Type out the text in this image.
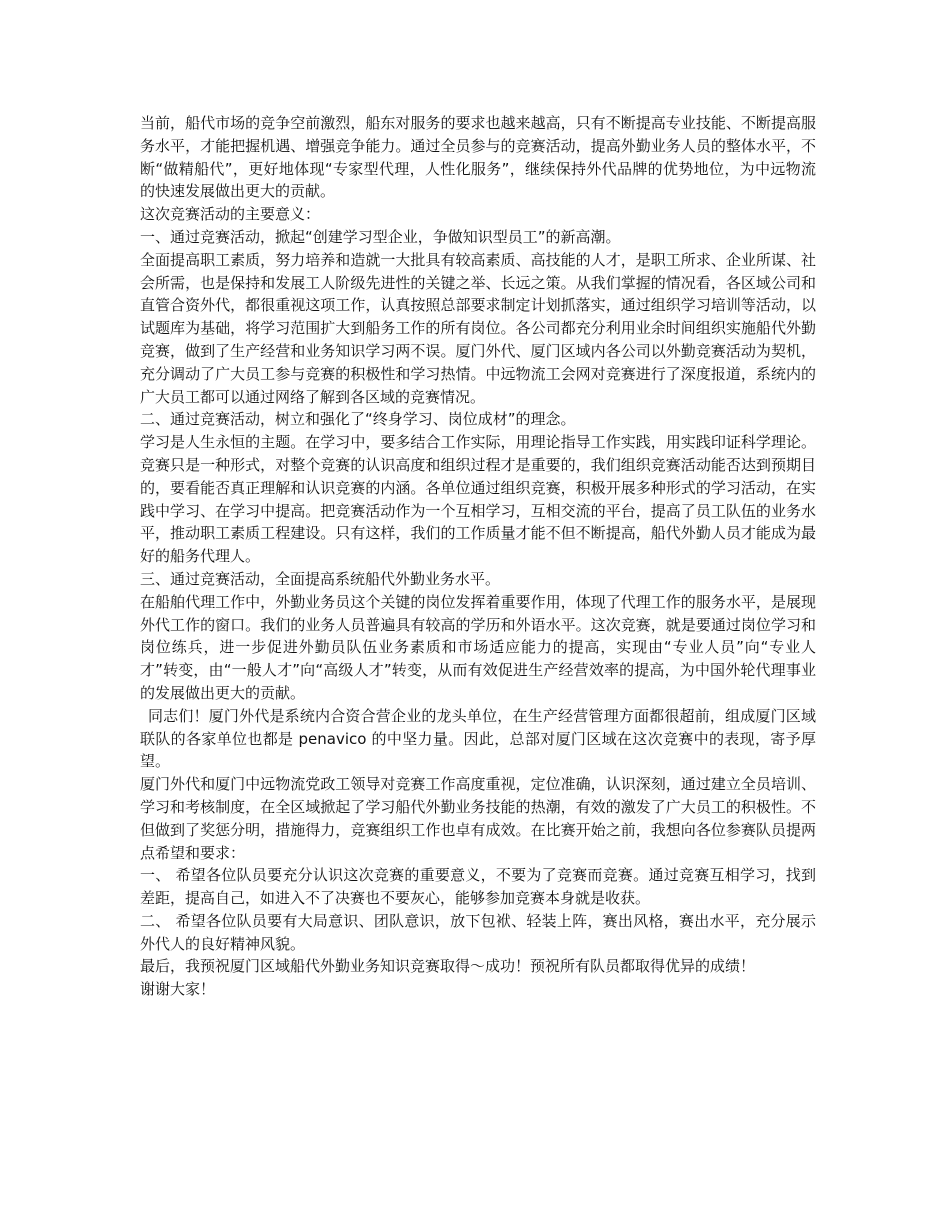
当前，船代市场的竞争空前激烈，船东对服务的要求也越来越高，只有不断提高专业技能、不断提高服务水平，才能把握机遇、增强竞争能力。通过全员参与的竞赛活动，提高外勤业务人员的整体水平，不断“做精船代”，更好地体现“专家型代理，人性化服务”，继续保持外代品牌的优势地位，为中远物流的快速发展做出更大的贡献。

这次竞赛活动的主要意义：

一、通过竞赛活动，掀起“创建学习型企业，争做知识型员工”的新高潮。

全面提高职工素质，努力培养和造就一大批具有较高素质、高技能的人才，是职工所求、企业所谋、社会所需，也是保持和发展工人阶级先进性的关键之举、长远之策。从我们掌握的情况看，各区域公司和直管合资外代，都很重视这项工作，认真按照总部要求制定计划抓落实，通过组织学习培训等活动，以试题库为基础，将学习范围扩大到船务工作的所有岗位。各公司都充分利用业余时间组织实施船代外勤竞赛，做到了生产经营和业务知识学习两不误。厦门外代、厦门区域内各公司以外勤竞赛活动为契机，充分调动了广大员工参与竞赛的积极性和学习热情。中远物流工会网对竞赛进行了深度报道，系统内的广大员工都可以通过网络了解到各区域的竞赛情况。

二、通过竞赛活动，树立和强化了“终身学习、岗位成材”的理念。

学习是人生永恒的主题。在学习中，要多结合工作实际，用理论指导工作实践，用实践印证科学理论。竞赛只是一种形式，对整个竞赛的认识高度和组织过程才是重要的，我们组织竞赛活动能否达到预期目的，要看能否真正理解和认识竞赛的内涵。各单位通过组织竞赛，积极开展多种形式的学习活动，在实践中学习、在学习中提高。把竞赛活动作为一个互相学习，互相交流的平台，提高了员工队伍的业务水平，推动职工素质工程建设。只有这样，我们的工作质量才能不但不断提高，船代外勤人员才能成为最好的船务代理人。

三、通过竞赛活动，全面提高系统船代外勤业务水平。

在船舶代理工作中，外勤业务员这个关键的岗位发挥着重要作用，体现了代理工作的服务水平，是展现外代工作的窗口。我们的业务人员普遍具有较高的学历和外语水平。这次竞赛，就是要通过岗位学习和岗位练兵，进一步促进外勤员队伍业务素质和市场适应能力的提高，实现由“专业人员”向“专业人才”转变，由“一般人才”向“高级人才”转变，从而有效促进生产经营效率的提高，为中国外轮代理事业的发展做出更大的贡献。

同志们！厦门外代是系统内合资合营企业的龙头单位，在生产经营管理方面都很超前，组成厦门区域联队的各家单位也都是 penavico 的中坚力量。因此，总部对厦门区域在这次竞赛中的表现，寄予厚望。

厦门外代和厦门中远物流党政工领导对竞赛工作高度重视，定位准确，认识深刻，通过建立全员培训、学习和考核制度，在全区域掀起了学习船代外勤业务技能的热潮，有效的激发了广大员工的积极性。不但做到了奖惩分明，措施得力，竞赛组织工作也卓有成效。在比赛开始之前，我想向各位参赛队员提两点希望和要求：

一、 希望各位队员要充分认识这次竞赛的重要意义，不要为了竞赛而竞赛。通过竞赛互相学习，找到差距，提高自己，如进入不了决赛也不要灰心，能够参加竞赛本身就是收获。

二、 希望各位队员要有大局意识、团队意识，放下包袱、轻装上阵，赛出风格，赛出水平，充分展示外代人的良好精神风貌。

最后，我预祝厦门区域船代外勤业务知识竞赛取得～成功！预祝所有队员都取得优异的成绩！

谢谢大家！
